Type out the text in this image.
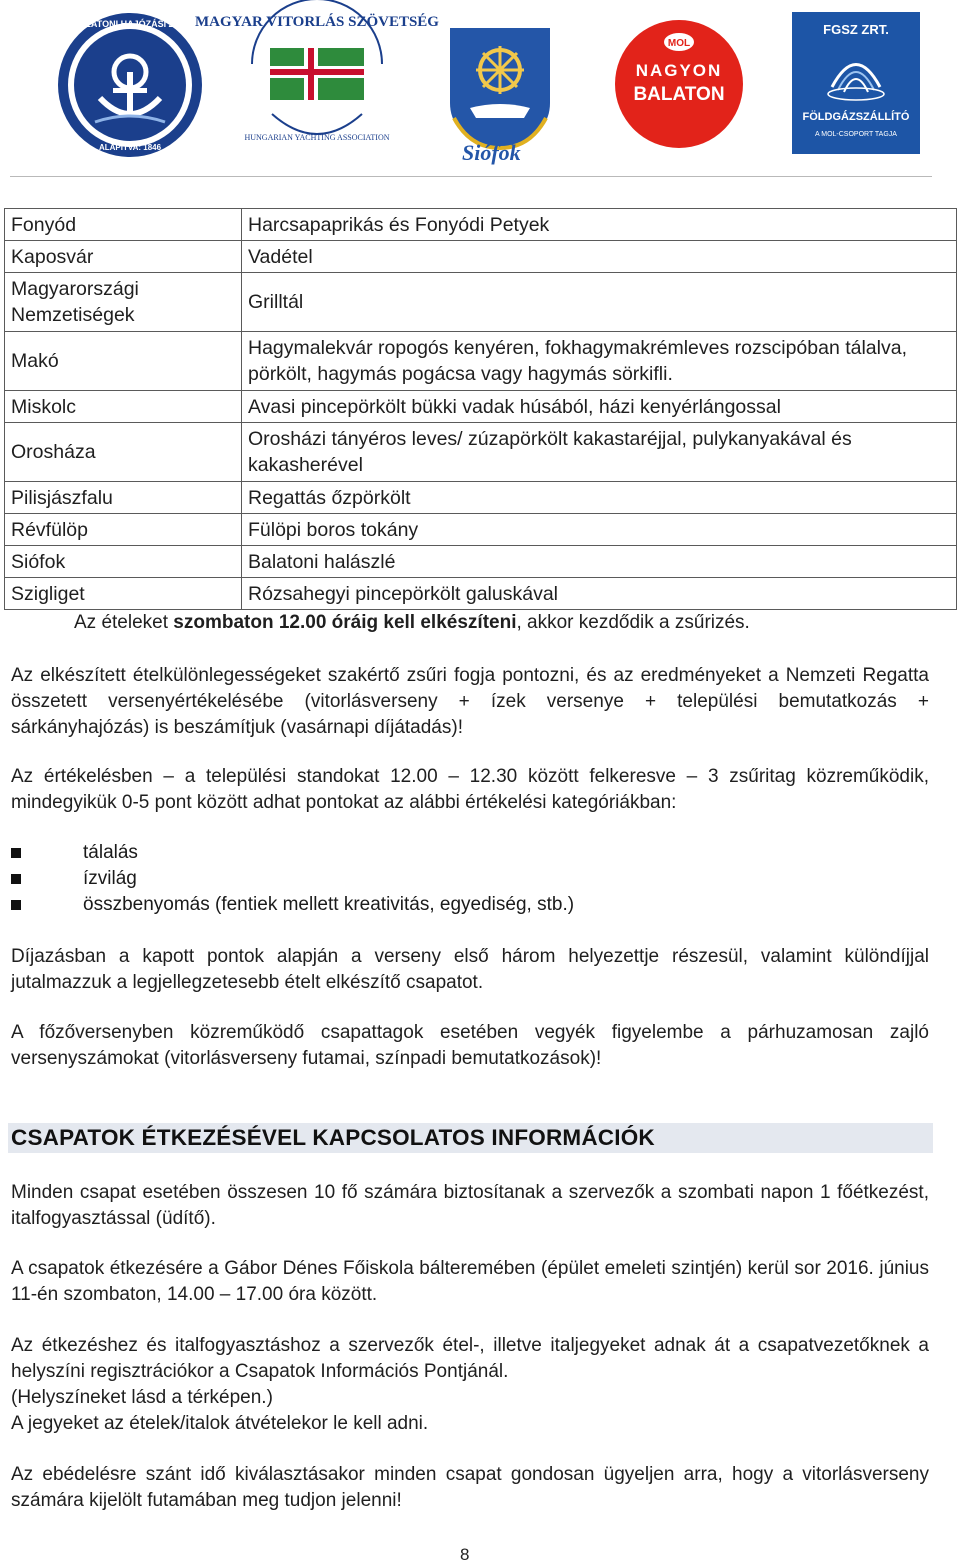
BALATONI HAJÓZÁSI ZRT.
ALAPÍTVA: 1846
MAGYAR VITORLÁS SZÖVETSÉG
HUNGARIAN YACHTING ASSOCIATION
Siófok
MOL
NAGYON
BALATON
FGSZ ZRT.
FÖLDGÁZSZÁLLÍTÓ
A MOL-CSOPORT TAGJA
Fonyód	Harcsapaprikás és Fonyódi Petyek
Kaposvár	Vadétel
Magyarországi Nemzetiségek	Grilltál
Makó	Hagymalekvár ropogós kenyéren, fokhagymakrémleves rozscipóban tálalva, pörkölt, hagymás pogácsa vagy hagymás sörkifli.
Miskolc	Avasi pincepörkölt bükki vadak húsából, házi kenyérlángossal
Orosháza	Orosházi tányéros leves/ zúzapörkölt kakastaréjjal, pulykanyakával és kakasherével
Pilisjászfalu	Regattás őzpörkölt
Révfülöp	Fülöpi boros tokány
Siófok	Balatoni halászlé
Szigliget	Rózsahegyi pincepörkölt galuskával
Az ételeket szombaton 12.00 óráig kell elkészíteni, akkor kezdődik a zsűrizés.
Az elkészített ételkülönlegességeket szakértő zsűri fogja pontozni, és az eredményeket a Nemzeti Regatta összetett versenyértékelésébe (vitorlásverseny + ízek versenye + települési bemutatkozás + sárkányhajózás) is beszámítjuk (vasárnapi díjátadás)!
Az értékelésben – a települési standokat 12.00 – 12.30 között felkeresve – 3 zsűritag közreműködik, mindegyikük 0-5 pont között adhat pontokat az alábbi értékelési kategóriákban:
tálalás
ízvilág
összbenyomás (fentiek mellett kreativitás, egyediség, stb.)
Díjazásban a kapott pontok alapján a verseny első három helyezettje részesül, valamint különdíjjal jutalmazzuk a legjellegzetesebb ételt elkészítő csapatot.
A főzőversenyben közreműködő csapattagok esetében vegyék figyelembe a párhuzamosan zajló versenyszámokat (vitorlásverseny futamai, színpadi bemutatkozások)!
CSAPATOK ÉTKEZÉSÉVEL KAPCSOLATOS INFORMÁCIÓK
Minden csapat esetében összesen 10 fő számára biztosítanak a szervezők a szombati napon 1 főétkezést, italfogyasztással (üdítő).
A csapatok étkezésére a Gábor Dénes Főiskola bálteremében (épület emeleti szintjén) kerül sor 2016. június 11-én szombaton, 14.00 – 17.00 óra között.
Az étkezéshez és italfogyasztáshoz a szervezők étel-, illetve italjegyeket adnak át a csapatvezetőknek a helyszíni regisztrációkor a Csapatok Információs Pontjánál.
(Helyszíneket lásd a térképen.)
A jegyeket az ételek/italok átvételekor le kell adni.
Az ebédelésre szánt idő kiválasztásakor minden csapat gondosan ügyeljen arra, hogy a vitorlásverseny számára kijelölt futamában meg tudjon jelenni!
8
